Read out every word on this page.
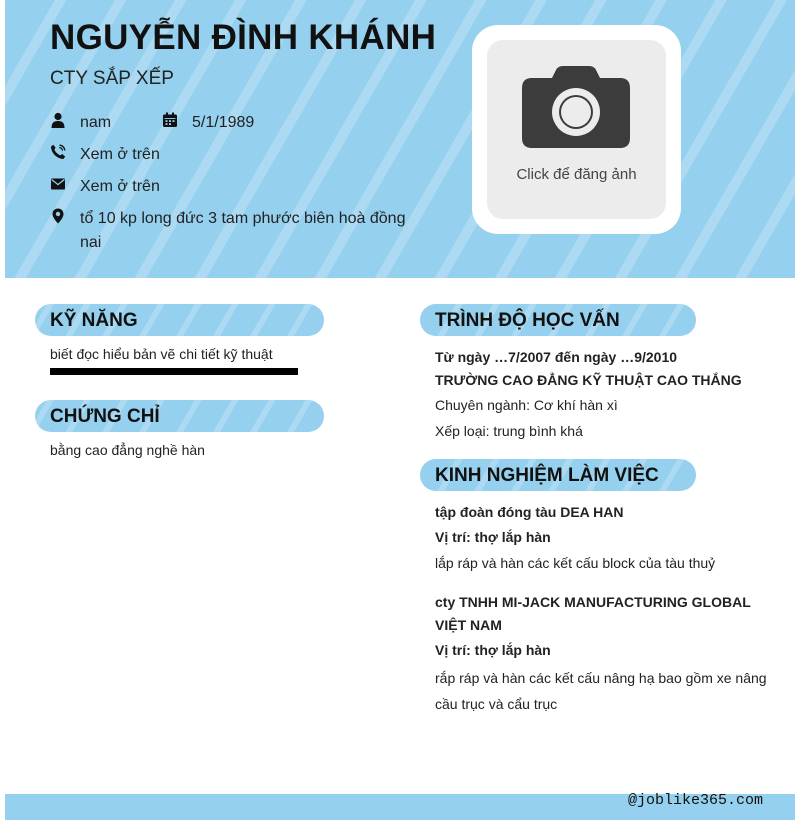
NGUYỄN ĐÌNH KHÁNH
CTY SẮP XẾP
nam	5/1/1989
Xem ở trên
Xem ở trên
tổ 10 kp long đức 3 tam phước biên hoà đồng nai
Click để đăng ảnh
KỸ NĂNG
biết đọc hiểu bản vẽ chi tiết kỹ thuật
CHỨNG CHỈ
bằng cao đẳng nghề hàn
TRÌNH ĐỘ HỌC VẤN
Từ ngày …7/2007 đến ngày …9/2010
TRƯỜNG CAO ĐẲNG KỸ THUẬT CAO THẮNG
Chuyên ngành: Cơ khí hàn xì
Xếp loại: trung bình khá
KINH NGHIỆM LÀM VIỆC
tập đoàn đóng tàu DEA HAN
Vị trí: thợ lắp hàn
lắp ráp và hàn các kết cấu block của tàu thuỷ
cty TNHH MI-JACK MANUFACTURING GLOBAL VIỆT NAM
Vị trí: thợ lắp hàn
rắp ráp và hàn các kết cấu nâng hạ bao gồm xe nâng cầu trục và cẩu trục
@joblike365.com
